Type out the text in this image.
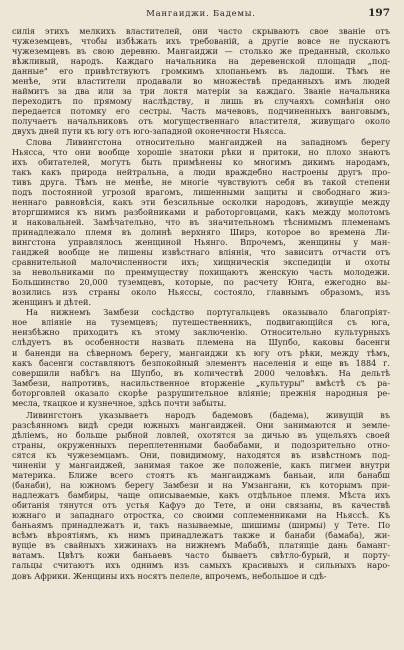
Мангаиджи. Бадемы.	197
силія этихъ мелкихъ властителей, они часто скрываютъ свое званіе отъ
чужеземцевъ, чтобы избѣжать ихъ требованій, а другіе вовсе не пускаютъ
чужеземцевъ въ свою деревню. Мангаиджи — столько же преданный, сколько
вѣжливый, народъ. Каждаго начальника на деревенской площади „под-
данные" его привѣтствуютъ громкимъ хлопаньемъ въ ладоши. Тѣмъ не
менѣе, эти властители продавали во множествѣ преданныхъ имъ людей
наймитъ за два или за три локтя матеріи за каждаго. Званіе начальника
переходитъ по прямому наслѣдству, и лишь въ случаяхъ сомнѣнія оно
передается потомку его сестры. Часть мачевовъ, подчиненныхъ ванговымъ,
получаетъ начальниковъ отъ могущественнаго властителя, живущаго около
двухъ дней пути къ югу отъ юго-западной оконечности Ньясса.
Слова Ливингстона относительно мангаиджей на западномъ берегу
Ньясса, что они вообще хорошіе знатоки рѣки и притоки, но плохо знаютъ
ихъ обитателей, могутъ быть примѣнены ко многимъ дикимъ народамъ,
такъ какъ природа нейтральна, а люди враждебно настроены другъ про-
тивъ друга. Тѣмъ не менѣе, не многіе чувствуютъ себя въ такой степени
подъ постоянной угрозой врагомъ, лишенными защиты и свободнаго жиз-
неннаго равновѣсія, какъ эти безсильные осколки народовъ, живущіе между
вторгшимися къ нимъ разбойниками и работорговцами, какъ между молотомъ
и наковальней. Замѣчательно, что въ значительномъ тѣснимымъ племенамъ
принадлежало племя въ долинѣ верхняго Ширэ, которое во времена Ли-
вингстона управлялось женщиной Ньянго. Впрочемъ, женщины у ман-
гаиджей вообще не лишены извѣстнаго вліянія, что зависитъ отчасти отъ
сравнительной малочисленности ихъ; хищническія экспедиціи и охоты
за невольниками по преимуществу похищаютъ женскую часть молодежи.
Большинство 20,000 туземцевъ, которые, по расчету Юнга, ежегодно вы-
возились изъ страны около Ньяссы, состояло, главнымъ образомъ, изъ
женщинъ и дѣтей.
На нижнемъ Замбези сосѣдство португальцевъ оказывало благопріят-
ное вліяніе на туземцевъ; путешественникъ, подвигающійся съ юга,
неизбѣжно приходитъ къ этому заключенію. Относительно культурныхъ
слѣдуетъ въ особенности назвать племена на Шупбо, каковы басенги
и баненди на сѣверномъ берегу, мангаиджи къ югу отъ рѣки, между тѣмъ,
какъ басенги составляютъ безпокойный элементъ населенія и еще въ 1884 г.
совершили набѣгъ на Шупбо, въ количествѣ 2000 человѣкъ. На дельтѣ
Замбези, напротивъ, насильственное вторженіе „культуры" вмѣстѣ съ ра-
боторговлей оказало скорѣе разрушительное вліяніе; прежнія народныя ре-
месла, ткацкое и кузнечное, здѣсь почти забыты.
Ливингстонъ указываетъ народъ бадемовъ (бадема), живущій въ
разсѣянномъ видѣ среди южныхъ мангаиджей. Они занимаются и земле-
дѣліемъ, но больше рыбной ловлей, охотятся за дичью въ ущельяхъ своей
страны, окруженныхъ переплетенными баобабами, и подозрительно отно-
сятся къ чужеземцамъ. Они, повидимому, находятся въ извѣстномъ под-
чиненіи у мангаиджей, занимая такое же положеніе, какъ пигмеи внутри
материка. Ближе всего стоятъ къ мангаиджамъ баньаи, или банабш
(банаби), на южномъ берегу Замбези и на Умзангани, къ которымъ при-
надлежатъ бамбиры, чаще описываемые, какъ отдѣльное племя. Мѣста ихъ
обитанія тянутся отъ устья Кафуэ до Тете, и они связаны, въ качествѣ
южнаго и западнаго отростка, со своими соплеменниками на Ньяссѣ. Къ
баньаямъ принадлежатъ и, такъ называемые, шишимы (ширмы) у Тете. По
всѣмъ вѣроятіямъ, къ нимъ принадлежатъ также и банаби (бамаба), жи-
вущіе въ свайныхъ хижинахъ на нижнемъ Мабабѣ, платящіе дань баманг-
ватамъ. Цвѣтъ кожи баньаевъ часто бываетъ свѣтло-бурый, и порту-
гальцы считаютъ ихъ однимъ изъ самыхъ красивыхъ и сильныхъ наро-
довъ Африки. Женщины ихъ носятъ пелеле, впрочемъ, небольшое и сдѣ-
